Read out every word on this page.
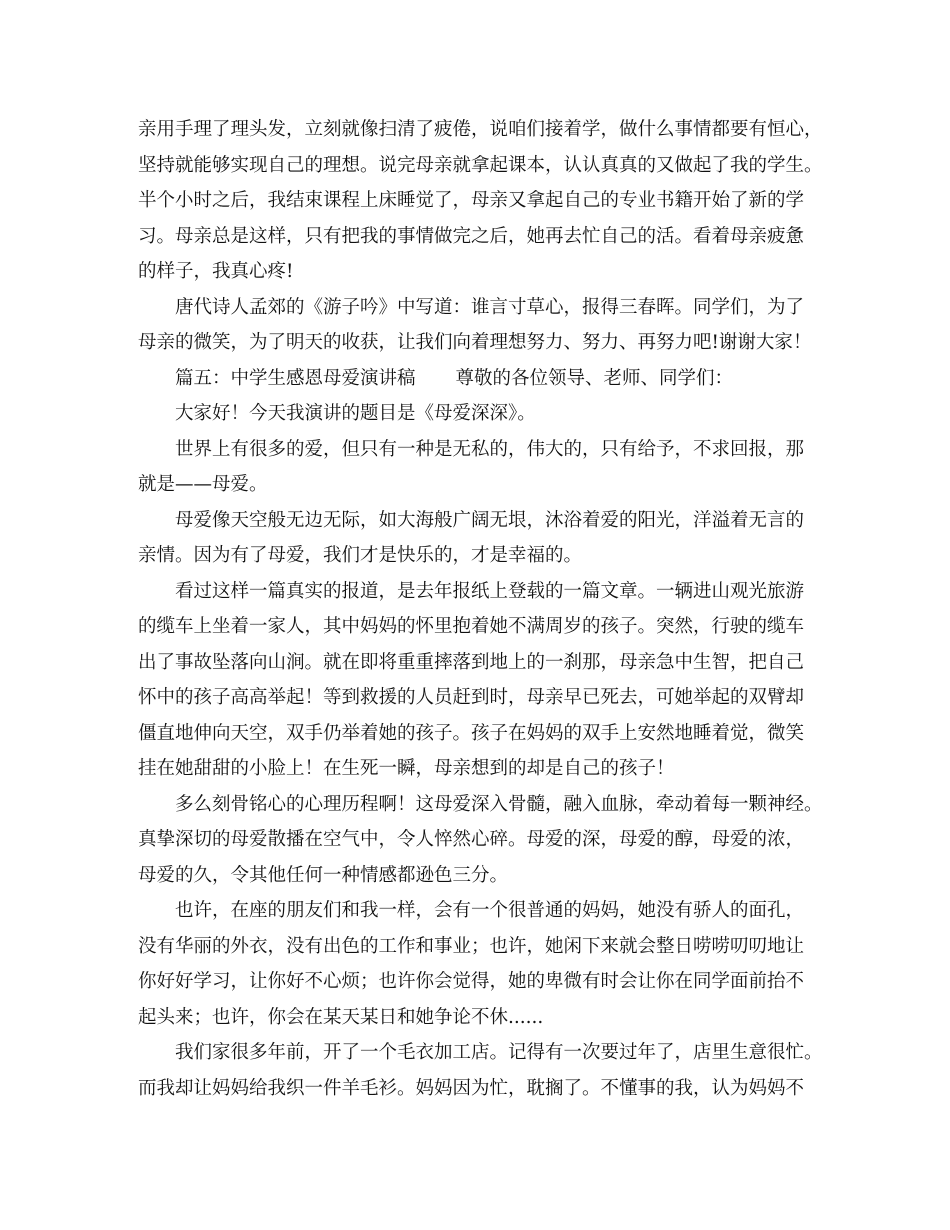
亲用手理了理头发，立刻就像扫清了疲倦，说咱们接着学，做什么事情都要有恒心，
坚持就能够实现自己的理想。说完母亲就拿起课本，认认真真的又做起了我的学生。
半个小时之后，我结束课程上床睡觉了，母亲又拿起自己的专业书籍开始了新的学
习。母亲总是这样，只有把我的事情做完之后，她再去忙自己的活。看着母亲疲惫
的样子，我真心疼!
唐代诗人孟郊的《游子吟》中写道：谁言寸草心，报得三春晖。同学们，为了
母亲的微笑，为了明天的收获，让我们向着理想努力、努力、再努力吧!谢谢大家！
篇五：中学生感恩母爱演讲稿 尊敬的各位领导、老师、同学们：
大家好！今天我演讲的题目是《母爱深深》。
世界上有很多的爱，但只有一种是无私的，伟大的，只有给予，不求回报，那
就是——母爱。
母爱像天空般无边无际，如大海般广阔无垠，沐浴着爱的阳光，洋溢着无言的
亲情。因为有了母爱，我们才是快乐的，才是幸福的。
看过这样一篇真实的报道，是去年报纸上登载的一篇文章。一辆进山观光旅游
的缆车上坐着一家人，其中妈妈的怀里抱着她不满周岁的孩子。突然，行驶的缆车
出了事故坠落向山涧。就在即将重重摔落到地上的一刹那，母亲急中生智，把自己
怀中的孩子高高举起！等到救援的人员赶到时，母亲早已死去，可她举起的双臂却
僵直地伸向天空，双手仍举着她的孩子。孩子在妈妈的双手上安然地睡着觉，微笑
挂在她甜甜的小脸上！在生死一瞬，母亲想到的却是自己的孩子！
多么刻骨铭心的心理历程啊！这母爱深入骨髓，融入血脉，牵动着每一颗神经。
真挚深切的母爱散播在空气中，令人悴然心碎。母爱的深，母爱的醇，母爱的浓，
母爱的久，令其他任何一种情感都逊色三分。
也许，在座的朋友们和我一样，会有一个很普通的妈妈，她没有骄人的面孔，
没有华丽的外衣，没有出色的工作和事业；也许，她闲下来就会整日唠唠叨叨地让
你好好学习，让你好不心烦；也许你会觉得，她的卑微有时会让你在同学面前抬不
起头来；也许，你会在某天某日和她争论不休......
我们家很多年前，开了一个毛衣加工店。记得有一次要过年了，店里生意很忙。
而我却让妈妈给我织一件羊毛衫。妈妈因为忙，耽搁了。不懂事的我，认为妈妈不
